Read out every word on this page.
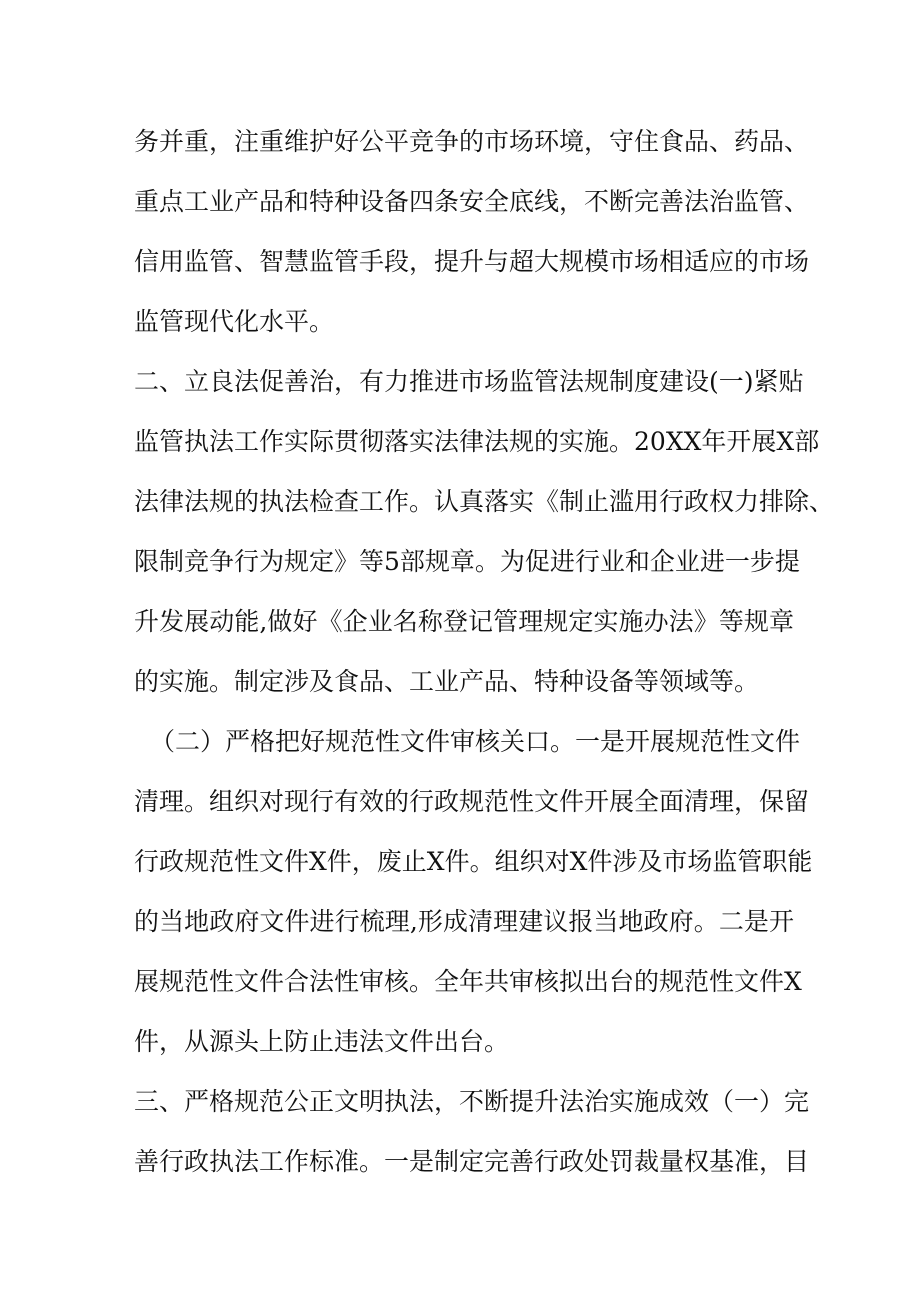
务并重，注重维护好公平竞争的市场环境，守住食品、药品、
重点工业产品和特种设备四条安全底线，不断完善法治监管、
信用监管、智慧监管手段，提升与超大规模市场相适应的市场
监管现代化水平。
二、立良法促善治，有力推进市场监管法规制度建设(一)紧贴
监管执法工作实际贯彻落实法律法规的实施。20XX年开展X部
法律法规的执法检查工作。认真落实《制止滥用行政权力排除、
限制竞争行为规定》等5部规章。为促进行业和企业进一步提
升发展动能,做好《企业名称登记管理规定实施办法》等规章
的实施。制定涉及食品、工业产品、特种设备等领域等。
（二）严格把好规范性文件审核关口。一是开展规范性文件
清理。组织对现行有效的行政规范性文件开展全面清理，保留
行政规范性文件X件，废止X件。组织对X件涉及市场监管职能
的当地政府文件进行梳理,形成清理建议报当地政府。二是开
展规范性文件合法性审核。全年共审核拟出台的规范性文件X
件，从源头上防止违法文件出台。
三、严格规范公正文明执法，不断提升法治实施成效（一）完
善行政执法工作标准。一是制定完善行政处罚裁量权基准，目
